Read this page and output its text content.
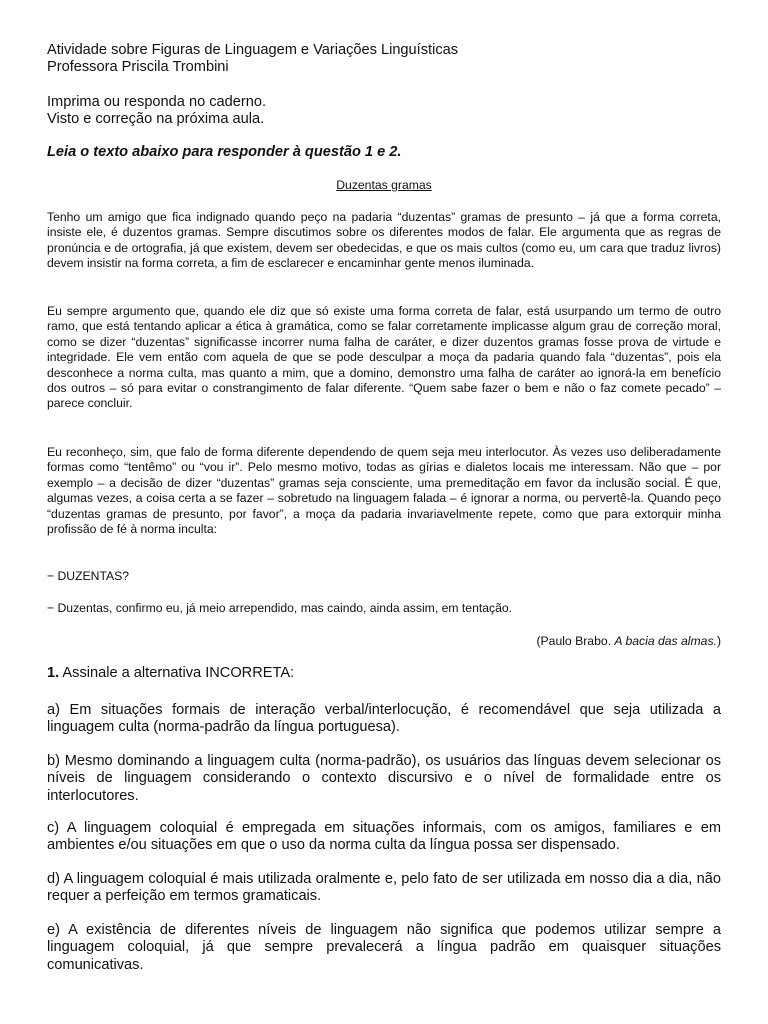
Atividade sobre Figuras de Linguagem e Variações Linguísticas
Professora Priscila Trombini
Imprima ou responda no caderno.
Visto e correção na próxima aula.
Leia o texto abaixo para responder à questão 1 e 2.
Duzentas gramas

Tenho um amigo que fica indignado quando peço na padaria “duzentas” gramas de presunto – já que a forma correta, insiste ele, é duzentos gramas. Sempre discutimos sobre os diferentes modos de falar. Ele argumenta que as regras de pronúncia e de ortografia, já que existem, devem ser obedecidas, e que os mais cultos (como eu, um cara que traduz livros) devem insistir na forma correta, a fim de esclarecer e encaminhar gente menos iluminada.

Eu sempre argumento que, quando ele diz que só existe uma forma correta de falar, está usurpando um termo de outro ramo, que está tentando aplicar a ética à gramática, como se falar corretamente implicasse algum grau de correção moral, como se dizer “duzentas” significasse incorrer numa falha de caráter, e dizer duzentos gramas fosse prova de virtude e integridade. Ele vem então com aquela de que se pode desculpar a moça da padaria quando fala “duzentas”, pois ela desconhece a norma culta, mas quanto a mim, que a domino, demonstro uma falha de caráter ao ignorá-la em benefício dos outros – só para evitar o constrangimento de falar diferente. “Quem sabe fazer o bem e não o faz comete pecado” – parece concluir.

Eu reconheço, sim, que falo de forma diferente dependendo de quem seja meu interlocutor. Às vezes uso deliberadamente formas como “tentêmo” ou “vou ir”. Pelo mesmo motivo, todas as gírias e dialetos locais me interessam. Não que – por exemplo – a decisão de dizer “duzentas” gramas seja consciente, uma premeditação em favor da inclusão social. É que, algumas vezes, a coisa certa a se fazer – sobretudo na linguagem falada – é ignorar a norma, ou pervertê-la. Quando peço “duzentas gramas de presunto, por favor”, a moça da padaria invariavelmente repete, como que para extorquir minha profissão de fé à norma inculta:

− DUZENTAS?

− Duzentas, confirmo eu, já meio arrependido, mas caindo, ainda assim, em tentação.

(Paulo Brabo. A bacia das almas.)

1. Assinale a alternativa INCORRETA:

a) Em situações formais de interação verbal/interlocução, é recomendável que seja utilizada a linguagem culta (norma-padrão da língua portuguesa).

b) Mesmo dominando a linguagem culta (norma-padrão), os usuários das línguas devem selecionar os níveis de linguagem considerando o contexto discursivo e o nível de formalidade entre os interlocutores.

c) A linguagem coloquial é empregada em situações informais, com os amigos, familiares e em ambientes e/ou situações em que o uso da norma culta da língua possa ser dispensado.

d) A linguagem coloquial é mais utilizada oralmente e, pelo fato de ser utilizada em nosso dia a dia, não requer a perfeição em termos gramaticais.

e) A existência de diferentes níveis de linguagem não significa que podemos utilizar sempre a linguagem coloquial, já que sempre prevalecerá a língua padrão em quaisquer situações comunicativas.
